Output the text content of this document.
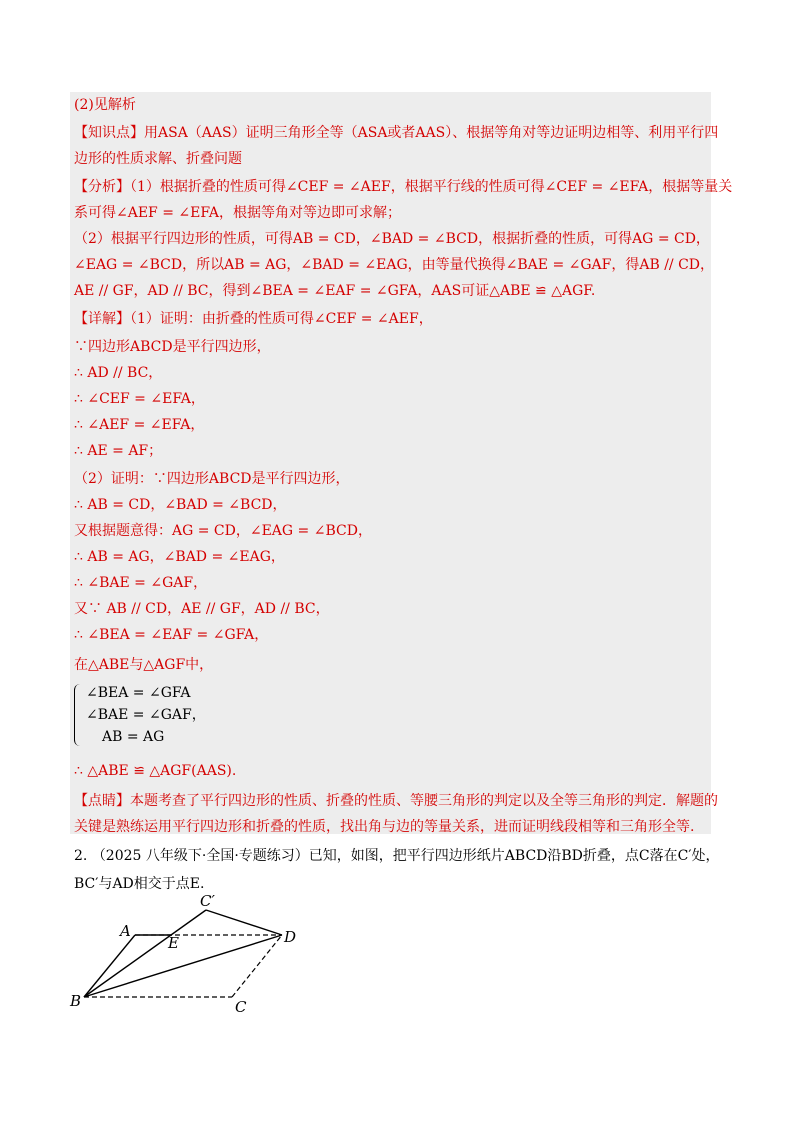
(2)见解析
【知识点】用ASA（AAS）证明三角形全等（ASA或者AAS）、根据等角对等边证明边相等、利用平行四
边形的性质求解、折叠问题
【分析】（1）根据折叠的性质可得∠CEF = ∠AEF，根据平行线的性质可得∠CEF = ∠EFA，根据等量关
系可得∠AEF = ∠EFA，根据等角对等边即可求解；
（2）根据平行四边形的性质，可得AB = CD，∠BAD = ∠BCD，根据折叠的性质，可得AG = CD，
∠EAG = ∠BCD，所以AB = AG，∠BAD = ∠EAG，由等量代换得∠BAE = ∠GAF，得AB // CD，
AE // GF，AD // BC，得到∠BEA = ∠EAF = ∠GFA，AAS可证△ABE ≌ △AGF.
【详解】（1）证明：由折叠的性质可得∠CEF = ∠AEF，
∵四边形ABCD是平行四边形，
∴ AD // BC，
∴ ∠CEF = ∠EFA，
∴ ∠AEF = ∠EFA，
∴ AE = AF；
（2）证明：∵四边形ABCD是平行四边形，
∴ AB = CD，∠BAD = ∠BCD，
又根据题意得：AG = CD，∠EAG = ∠BCD，
∴ AB = AG，∠BAD = ∠EAG，
∴ ∠BAE = ∠GAF，
又∵ AB // CD，AE // GF，AD // BC，
∴ ∠BEA = ∠EAF = ∠GFA，
在△ABE与△AGF中，
∠BEA = ∠GFA
∠BAE = ∠GAF，
AB = AG
∴ △ABE ≌ △AGF(AAS).
【点睛】本题考查了平行四边形的性质、折叠的性质、等腰三角形的判定以及全等三角形的判定．解题的
关键是熟练运用平行四边形和折叠的性质，找出角与边的等量关系，进而证明线段相等和三角形全等.
2. （2025 八年级下·全国·专题练习）已知，如图，把平行四边形纸片ABCD沿BD折叠，点C落在C′处，
BC′与AD相交于点E.
A
E	D
B	C
C′
